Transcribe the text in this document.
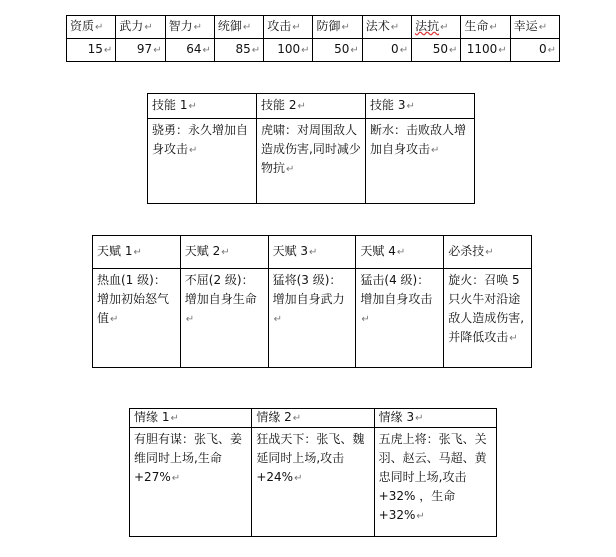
资质↵	武力↵	智力↵	统御↵	攻击↵	防御↵	法术↵	法抗↵	生命↵	幸运↵
15↵	97↵	64↵	85↵	100↵	50↵	0↵	50↵	1100↵	0↵
技能 1↵	技能 2↵	技能 3↵
骁勇：永久增加自身攻击↵	虎啸：对周围敌人造成伤害,同时减少物抗↵	断水：击败敌人增加自身攻击↵
天赋 1↵	天赋 2↵	天赋 3↵	天赋 4↵	必杀技↵
热血(1 级)：增加初始怒气值↵	不屈(2 级)：增加自身生命↵	猛将(3 级)：增加自身武力↵	猛击(4 级)：增加自身攻击↵	旋火：召唤 5 只火牛对沿途敌人造成伤害,并降低攻击↵
情缘 1↵	情缘 2↵	情缘 3↵
有胆有谋：张飞、姜维同时上场,生命+27%↵	狂战天下：张飞、魏延同时上场,攻击+24%↵	五虎上将：张飞、关羽、赵云、马超、黄忠同时上场,攻击 +32% ，生命 +32%↵
